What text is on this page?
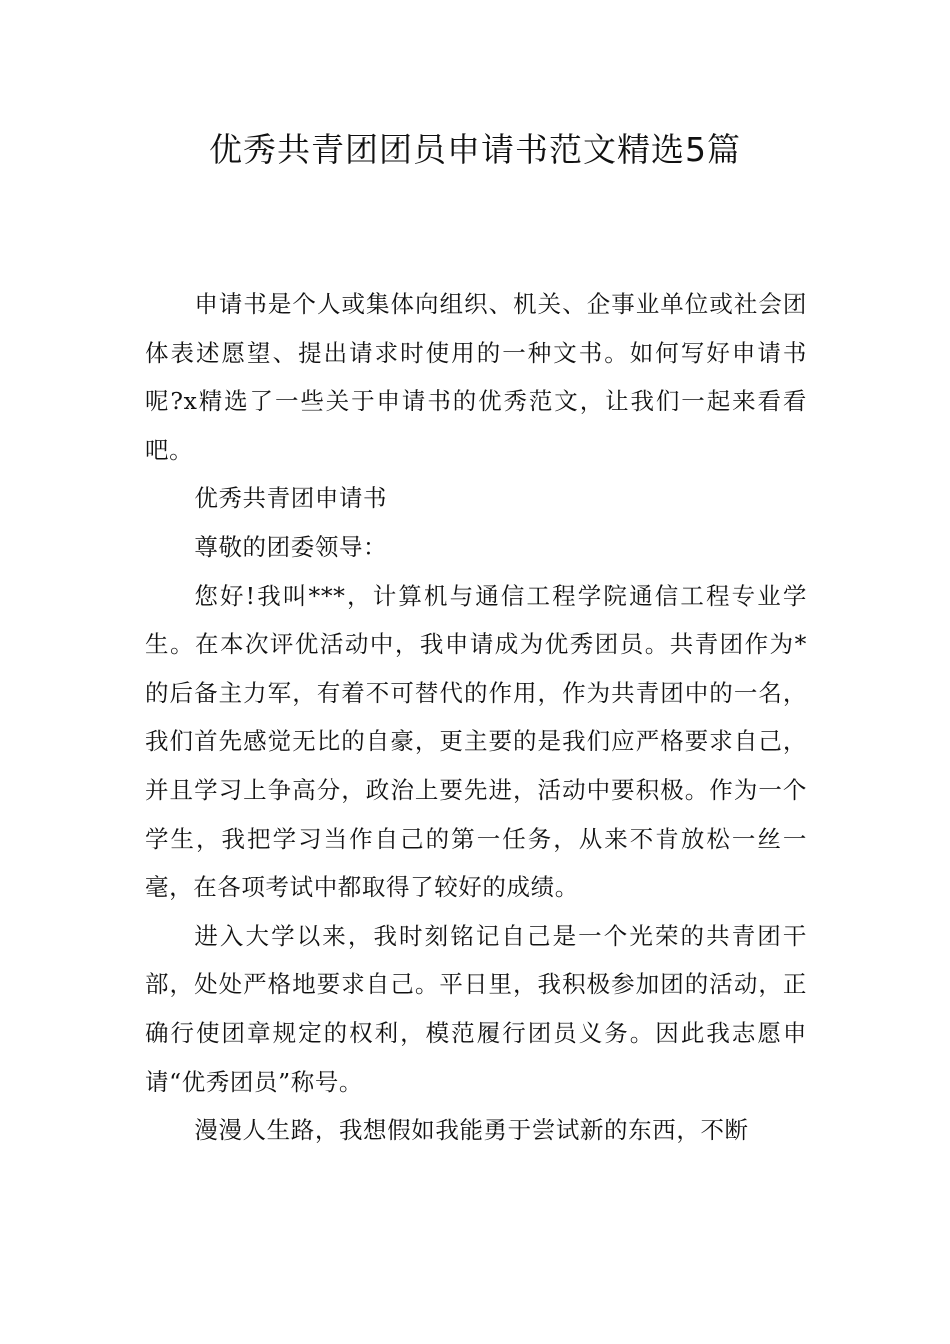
优秀共青团团员申请书范文精选5篇

申请书是个人或集体向组织、机关、企事业单位或社会团体表述愿望、提出请求时使用的一种文书。如何写好申请书呢?x精选了一些关于申请书的优秀范文，让我们一起来看看吧。

优秀共青团申请书

尊敬的团委领导：

您好!我叫***，计算机与通信工程学院通信工程专业学生。在本次评优活动中，我申请成为优秀团员。共青团作为*的后备主力军，有着不可替代的作用，作为共青团中的一名，我们首先感觉无比的自豪，更主要的是我们应严格要求自己，并且学习上争高分，政治上要先进，活动中要积极。作为一个学生，我把学习当作自己的第一任务，从来不肯放松一丝一毫，在各项考试中都取得了较好的成绩。

进入大学以来，我时刻铭记自己是一个光荣的共青团干部，处处严格地要求自己。平日里，我积极参加团的活动，正确行使团章规定的权利，模范履行团员义务。因此我志愿申请“优秀团员”称号。

漫漫人生路，我想假如我能勇于尝试新的东西，不断
